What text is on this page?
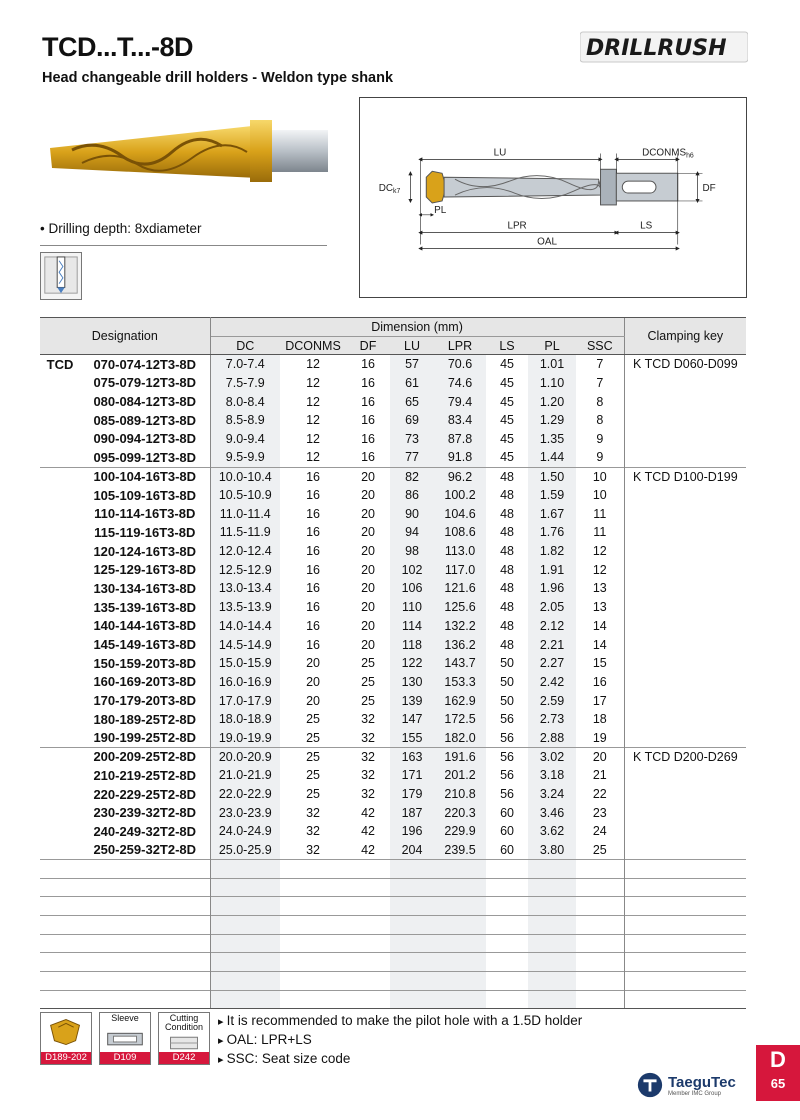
TCD...T...-8D
Head changeable drill holders - Weldon type shank
DRILLRUSH
• Drilling depth: 8xdiameter
LU	$DCONMS_{h6}$
DF
$DC_{k7}$
PL
LPR	LS
OAL
Designation		Dimension (mm)								Clamping key
		DC	DCONMS	DF	LU	LPR	LS	PL	SSC	
TCD	070-074-12T3-8D	7.0-7.4	12	16	57	70.6	45	1.01	7	K TCD D060-D099
	075-079-12T3-8D	7.5-7.9	12	16	61	74.6	45	1.10	7	
	080-084-12T3-8D	8.0-8.4	12	16	65	79.4	45	1.20	8	
	085-089-12T3-8D	8.5-8.9	12	16	69	83.4	45	1.29	8	
	090-094-12T3-8D	9.0-9.4	12	16	73	87.8	45	1.35	9	
	095-099-12T3-8D	9.5-9.9	12	16	77	91.8	45	1.44	9	
	100-104-16T3-8D	10.0-10.4	16	20	82	96.2	48	1.50	10	K TCD D100-D199
	105-109-16T3-8D	10.5-10.9	16	20	86	100.2	48	1.59	10	
	110-114-16T3-8D	11.0-11.4	16	20	90	104.6	48	1.67	11	
	115-119-16T3-8D	11.5-11.9	16	20	94	108.6	48	1.76	11	
	120-124-16T3-8D	12.0-12.4	16	20	98	113.0	48	1.82	12	
	125-129-16T3-8D	12.5-12.9	16	20	102	117.0	48	1.91	12	
	130-134-16T3-8D	13.0-13.4	16	20	106	121.6	48	1.96	13	
	135-139-16T3-8D	13.5-13.9	16	20	110	125.6	48	2.05	13	
	140-144-16T3-8D	14.0-14.4	16	20	114	132.2	48	2.12	14	
	145-149-16T3-8D	14.5-14.9	16	20	118	136.2	48	2.21	14	
	150-159-20T3-8D	15.0-15.9	20	25	122	143.7	50	2.27	15	
	160-169-20T3-8D	16.0-16.9	20	25	130	153.3	50	2.42	16	
	170-179-20T3-8D	17.0-17.9	20	25	139	162.9	50	2.59	17	
	180-189-25T2-8D	18.0-18.9	25	32	147	172.5	56	2.73	18	
	190-199-25T2-8D	19.0-19.9	25	32	155	182.0	56	2.88	19	
	200-209-25T2-8D	20.0-20.9	25	32	163	191.6	56	3.02	20	K TCD D200-D269
	210-219-25T2-8D	21.0-21.9	25	32	171	201.2	56	3.18	21	
	220-229-25T2-8D	22.0-22.9	25	32	179	210.8	56	3.24	22	
	230-239-32T2-8D	23.0-23.9	32	42	187	220.3	60	3.46	23	
	240-249-32T2-8D	24.0-24.9	32	42	196	229.9	60	3.62	24	
	250-259-32T2-8D	25.0-25.9	32	42	204	239.5	60	3.80	25	

D189-202
Sleeve
D109
Cutting Condition
D242
▸ It is recommended to make the pilot hole with a 1.5D holder
▸ OAL: LPR+LS
▸ SSC: Seat size code
TaeguTec
Member IMC Group
D
65
